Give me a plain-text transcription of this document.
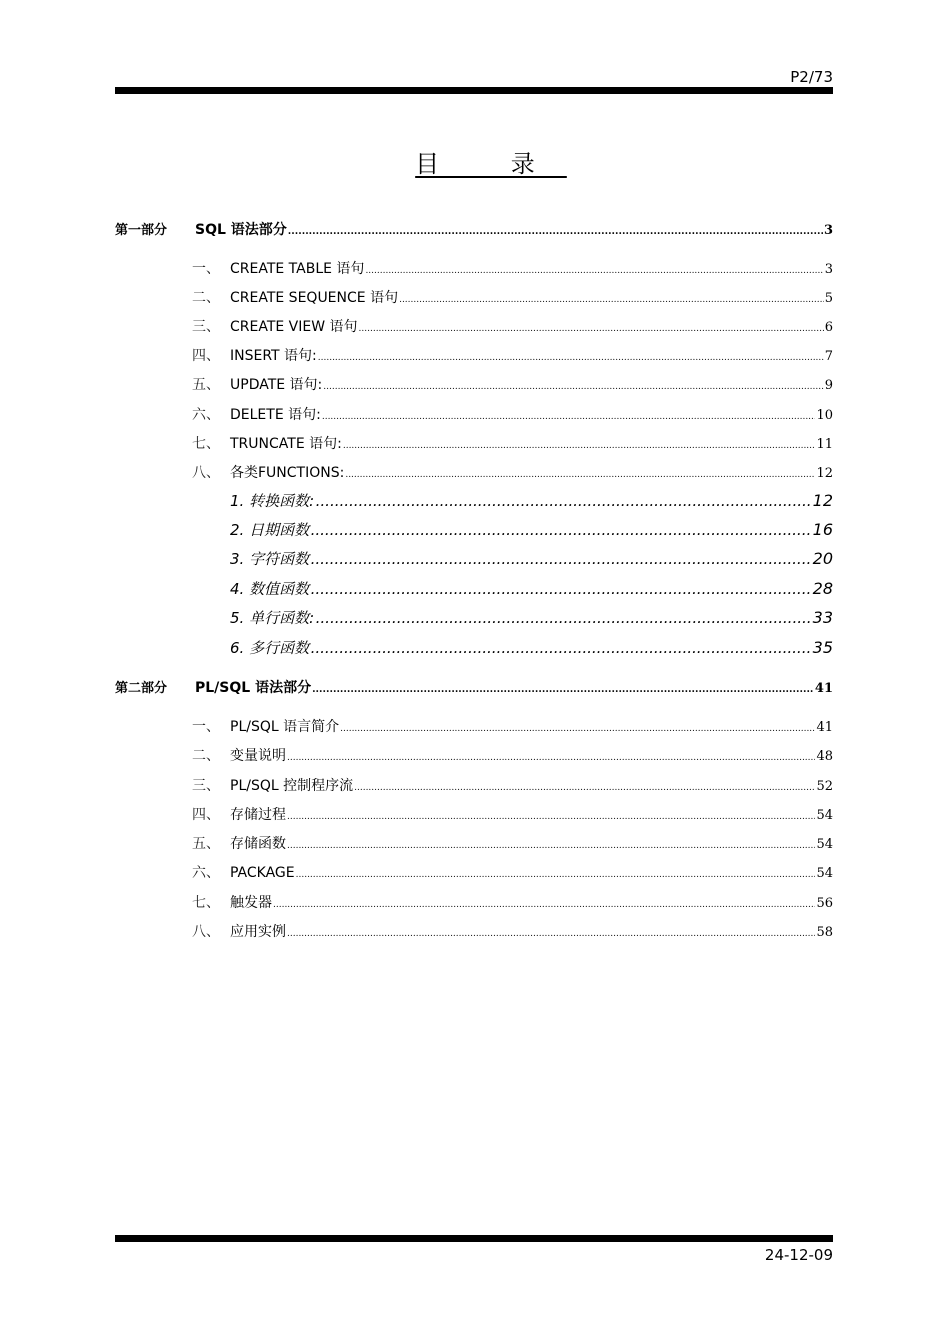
P2/73
目 录
第一部分	SQL 语法部分 .....	3
一、 CREATE TABLE 语句 .....	3
二、 CREATE SEQUENCE 语句 .....	5
三、 CREATE VIEW 语句 .....	6
四、 INSERT 语句: .....	7
五、 UPDATE 语句: .....	9
六、 DELETE 语句: .....	10
七、 TRUNCATE 语句: .....	11
八、 各类FUNCTIONS: .....	12
1. 转换函数: .....	12
2. 日期函数 .....	16
3. 字符函数 .....	20
4. 数值函数 .....	28
5. 单行函数: .....	33
6. 多行函数 .....	35
第二部分	PL/SQL 语法部分 .....	41
一、 PL/SQL 语言简介 .....	41
二、 变量说明 .....	48
三、 PL/SQL 控制程序流 .....	52
四、 存储过程 .....	54
五、 存储函数 .....	54
六、 PACKAGE .....	54
七、 触发器 .....	56
八、 应用实例 .....	58
24-12-09
